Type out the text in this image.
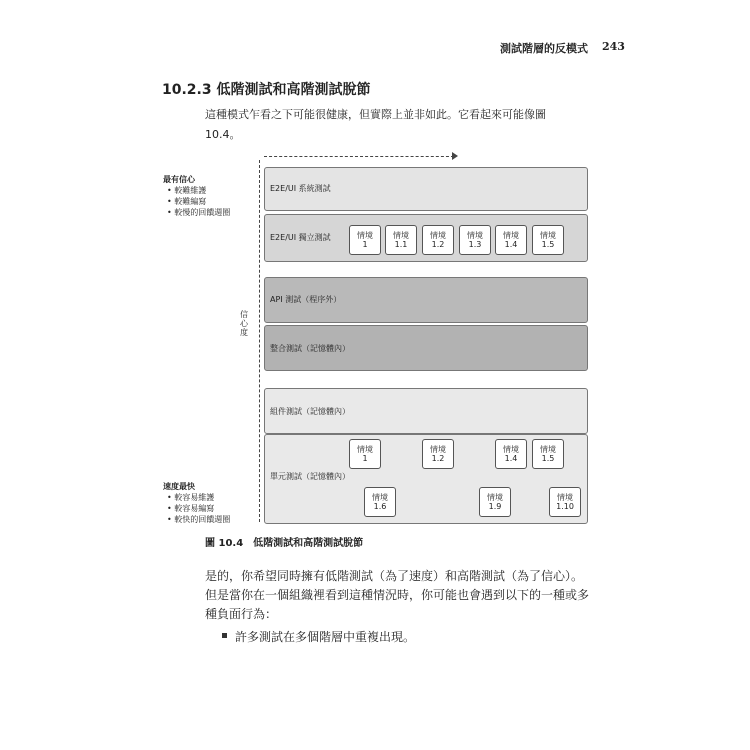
測試階層的反模式 243
10.2.3 低階測試和高階測試脫節
這種模式乍看之下可能很健康，但實際上並非如此。它看起來可能像圖
10.4。
最有信心
• 較難維護
• 較難編寫
• 較慢的回饋週圈
速度最快
• 較容易維護
• 較容易編寫
• 較快的回饋週圈
信
心
度
E2E/UI 系統測試
E2E/UI 獨立測試
API 測試（程序外）
整合測試（記憶體內）
組件測試（記憶體內）
單元測試（記憶體內）
情境
1
情境
1.1
情境
1.2
情境
1.3
情境
1.4
情境
1.5
情境
1
情境
1.2
情境
1.4
情境
1.5
情境
1.6
情境
1.9
情境
1.10
圖 10.4　低階測試和高階測試脫節
是的，你希望同時擁有低階測試（為了速度）和高階測試（為了信心）。
但是當你在一個組織裡看到這種情況時，你可能也會遇到以下的一種或多
種負面行為：
許多測試在多個階層中重複出現。
